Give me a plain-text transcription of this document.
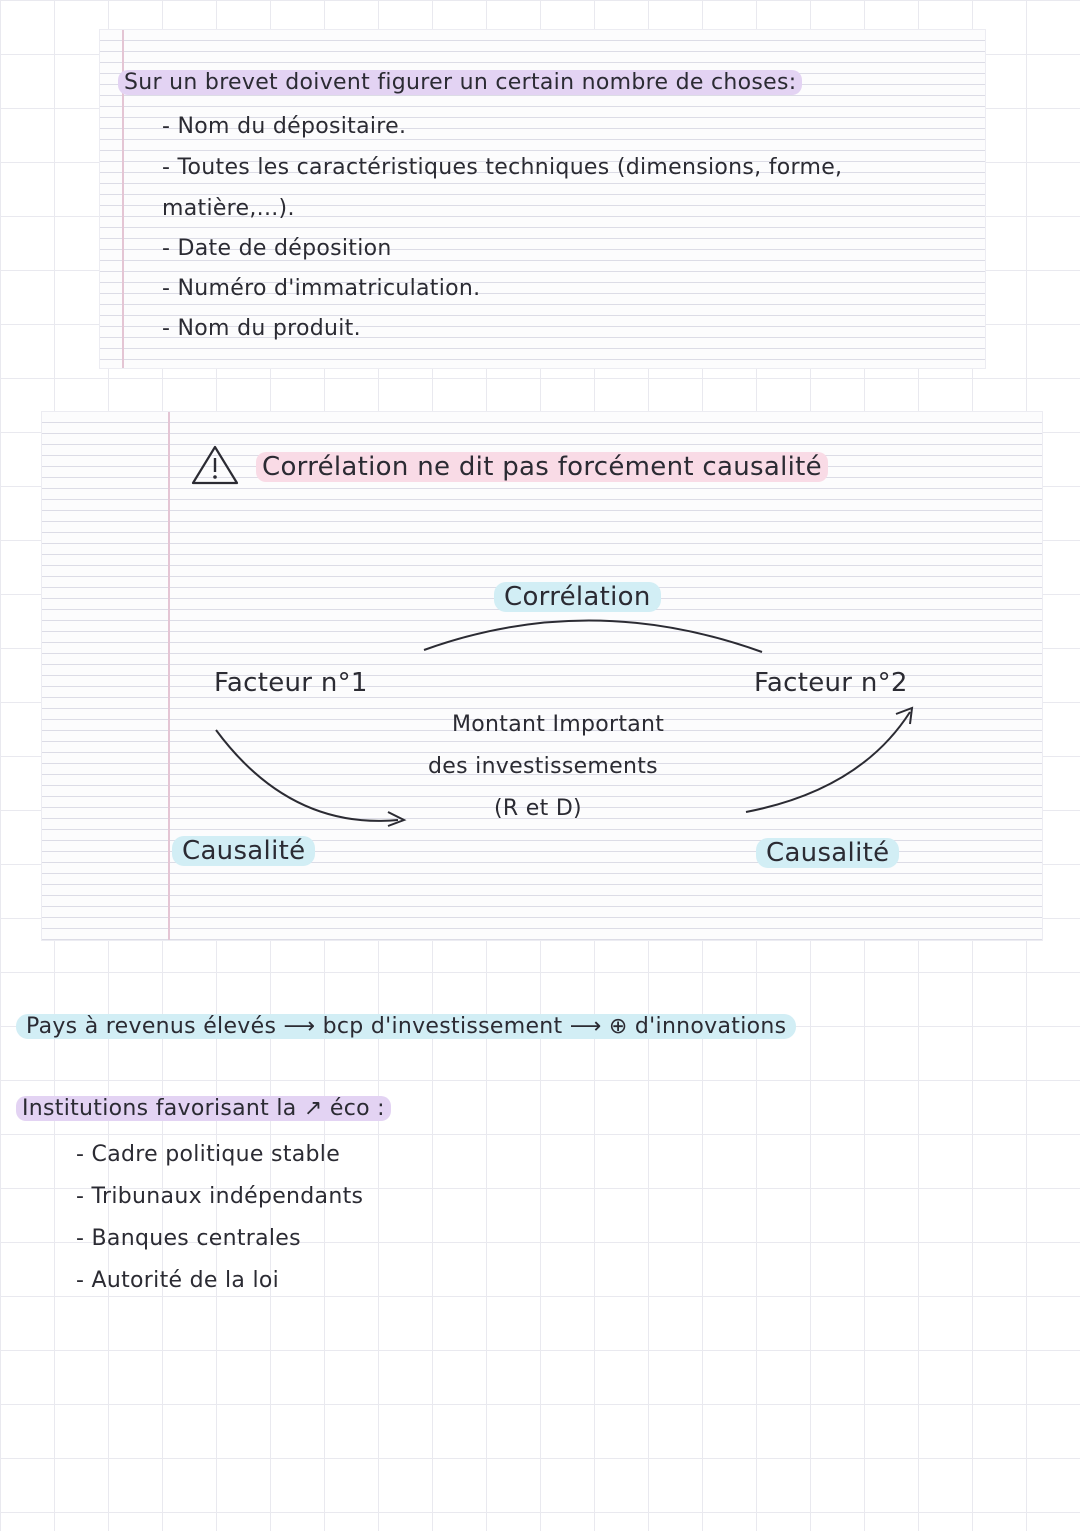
Sur un brevet doivent figurer un certain nombre de choses:
- Nom du dépositaire.
- Toutes les caractéristiques techniques (dimensions, forme,
matière,...).
- Date de déposition
- Numéro d'immatriculation.
- Nom du produit.
Corrélation ne dit pas forcément causalité
Corrélation
Facteur n°1	Facteur n°2
Montant Important
des investissements
(R et D)
Causalité	Causalité
Pays à revenus élevés ⟶ bcp d'investissement ⟶ ⊕ d'innovations
Institutions favorisant la ↗ éco :
- Cadre politique stable
- Tribunaux indépendants
- Banques centrales
- Autorité de la loi
